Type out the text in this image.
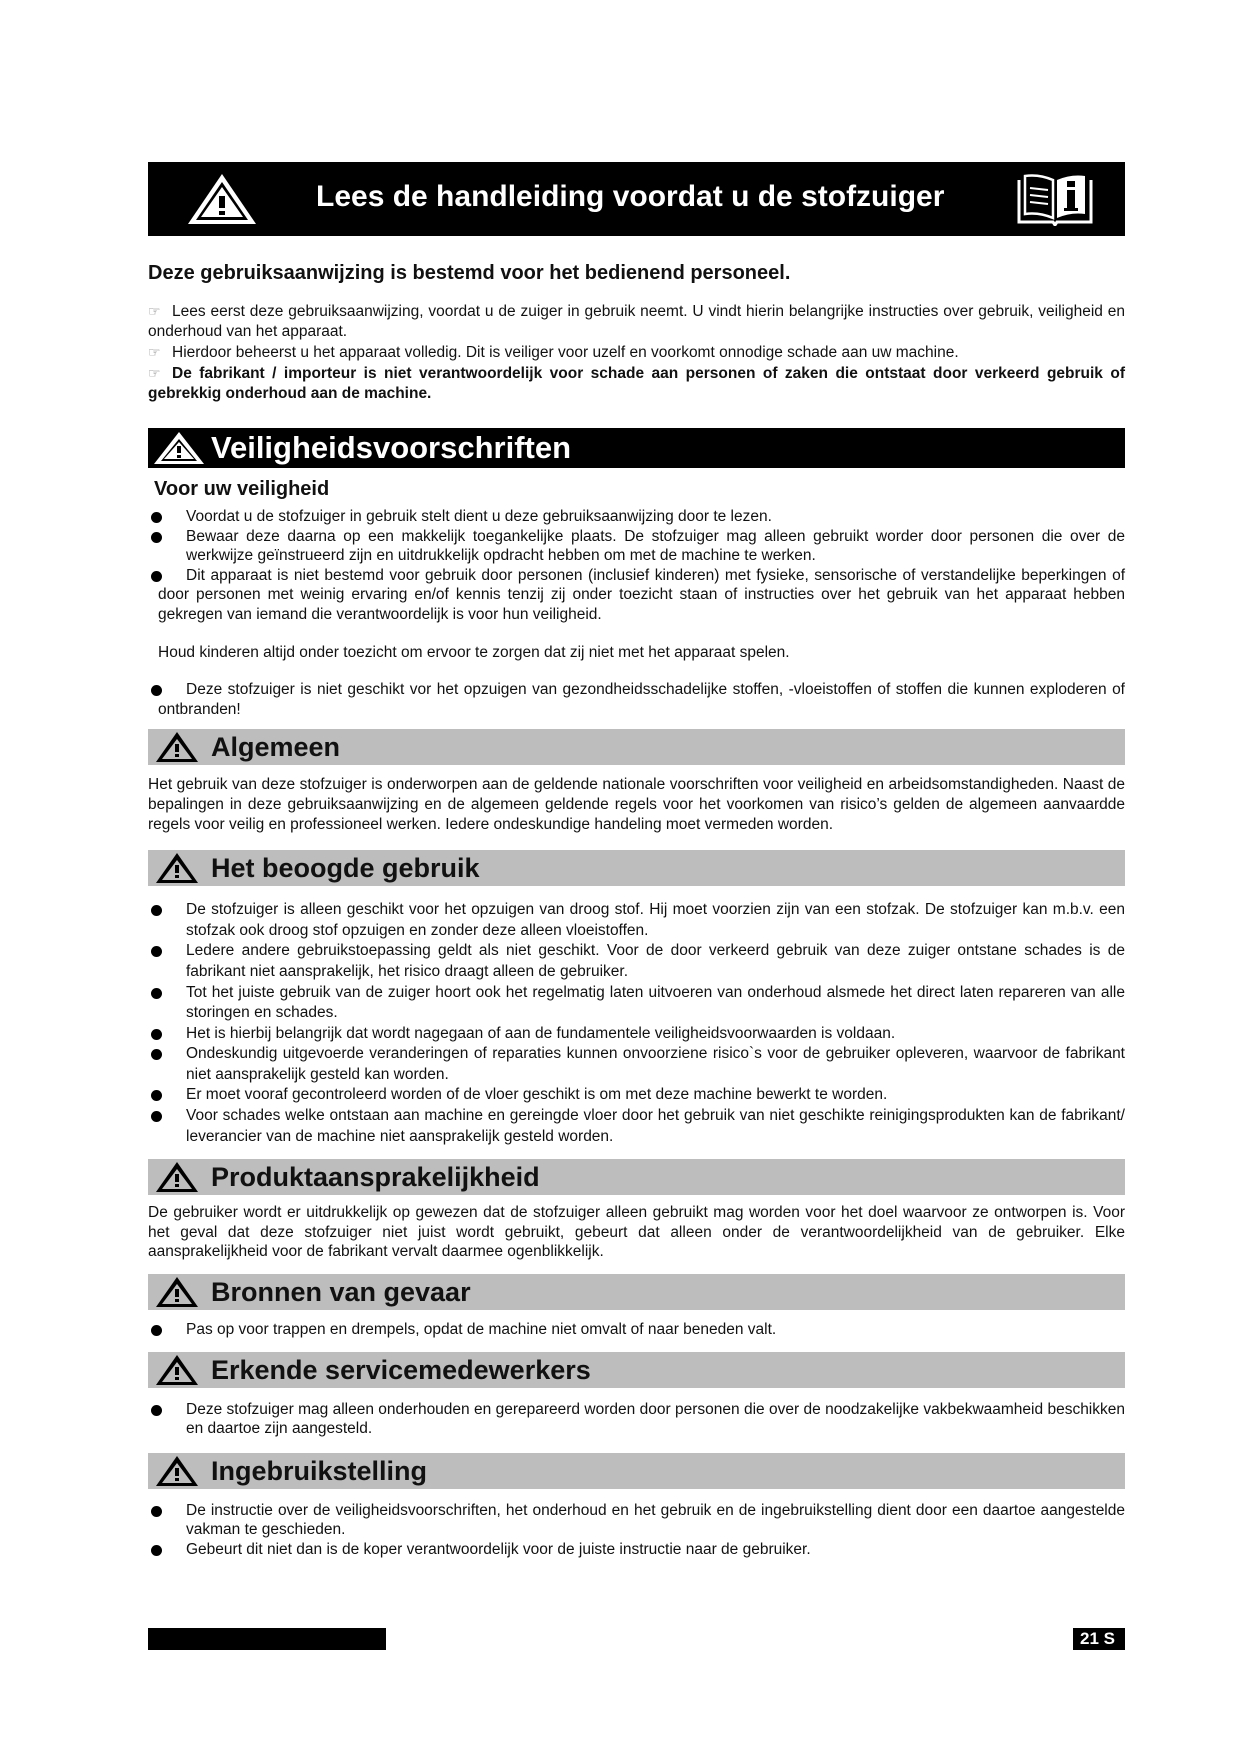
Lees de handleiding voordat u de stofzuiger
Deze gebruiksaanwijzing is bestemd voor het bedienend personeel.

☞ Lees eerst deze gebruiksaanwijzing, voordat u de zuiger in gebruik neemt. U vindt hierin belangrijke instructies over gebruik, veiligheid en onderhoud van het apparaat.

☞ Hierdoor beheerst u het apparaat volledig. Dit is veiliger voor uzelf en voorkomt onnodige schade aan uw machine.

☞ De fabrikant / importeur is niet verantwoordelijk voor schade aan personen of zaken die ontstaat door verkeerd gebruik of gebrekkig onderhoud aan de machine.

Veiligheidsvoorschriften
Voor uw veiligheid
Voordat u de stofzuiger in gebruik stelt dient u deze gebruiksaanwijzing door te lezen.
Bewaar deze daarna op een makkelijk toegankelijke plaats. De stofzuiger mag alleen gebruikt worder door personen die over de werkwijze geïnstrueerd zijn en uitdrukkelijk opdracht hebben om met de machine te werken.
Dit apparaat is niet bestemd voor gebruik door personen (inclusief kinderen) met fysieke, sensorische of verstandelijke beperkingen of door personen met weinig ervaring en/of kennis tenzij zij onder toezicht staan of instructies over het gebruik van het apparaat hebben gekregen van iemand die verantwoordelijk is voor hun veiligheid.

Houd kinderen altijd onder toezicht om ervoor te zorgen dat zij niet met het apparaat spelen.

Deze stofzuiger is niet geschikt vor het opzuigen van gezondheidsschadelijke stoffen, -vloeistoffen of stoffen die kunnen exploderen of ontbranden!
Algemeen

Het gebruik van deze stofzuiger is onderworpen aan de geldende nationale voorschriften voor veiligheid en arbeidsomstandigheden. Naast de bepalingen in deze gebruiksaanwijzing en de algemeen geldende regels voor het voorkomen van risico’s gelden de algemeen aanvaardde regels voor veilig en professioneel werken. Iedere ondeskundige handeling moet vermeden worden.

Het beoogde gebruik
De stofzuiger is alleen geschikt voor het opzuigen van droog stof. Hij moet voorzien zijn van een stofzak. De stofzuiger kan m.b.v. een stofzak ook droog stof opzuigen en zonder deze alleen vloeistoffen.
Ledere andere gebruikstoepassing geldt als niet geschikt. Voor de door verkeerd gebruik van deze zuiger ontstane schades is de fabrikant niet aansprakelijk, het risico draagt alleen de gebruiker.
Tot het juiste gebruik van de zuiger hoort ook het regelmatig laten uitvoeren van onderhoud alsmede het direct laten repareren van alle storingen en schades.
Het is hierbij belangrijk dat wordt nagegaan of aan de fundamentele veiligheidsvoorwaarden is voldaan.
Ondeskundig uitgevoerde veranderingen of reparaties kunnen onvoorziene risico`s voor de gebruiker opleveren, waarvoor de fabrikant niet aansprakelijk gesteld kan worden.
Er moet vooraf gecontroleerd worden of de vloer geschikt is om met deze machine bewerkt te worden.
Voor schades welke ontstaan aan machine en gereingde vloer door het gebruik van niet geschikte reinigingsprodukten kan de fabrikant/ leverancier van de machine niet aansprakelijk gesteld worden.
Produktaansprakelijkheid

De gebruiker wordt er uitdrukkelijk op gewezen dat de stofzuiger alleen gebruikt mag worden voor het doel waarvoor ze ontworpen is. Voor het geval dat deze stofzuiger niet juist wordt gebruikt, gebeurt dat alleen onder de verantwoordelijkheid van de gebruiker. Elke aansprakelijkheid voor de fabrikant vervalt daarmee ogenblikkelijk.

Bronnen van gevaar
Pas op voor trappen en drempels, opdat de machine niet omvalt of naar beneden valt.
Erkende servicemedewerkers
Deze stofzuiger mag alleen onderhouden en gerepareerd worden door personen die over de noodzakelijke vakbekwaamheid beschikken en daartoe zijn aangesteld.
Ingebruikstelling
De instructie over de veiligheidsvoorschriften, het onderhoud en het gebruik en de ingebruikstelling dient door een daartoe aangestelde vakman te geschieden.
Gebeurt dit niet dan is de koper verantwoordelijk voor de juiste instructie naar de gebruiker.
21 S
